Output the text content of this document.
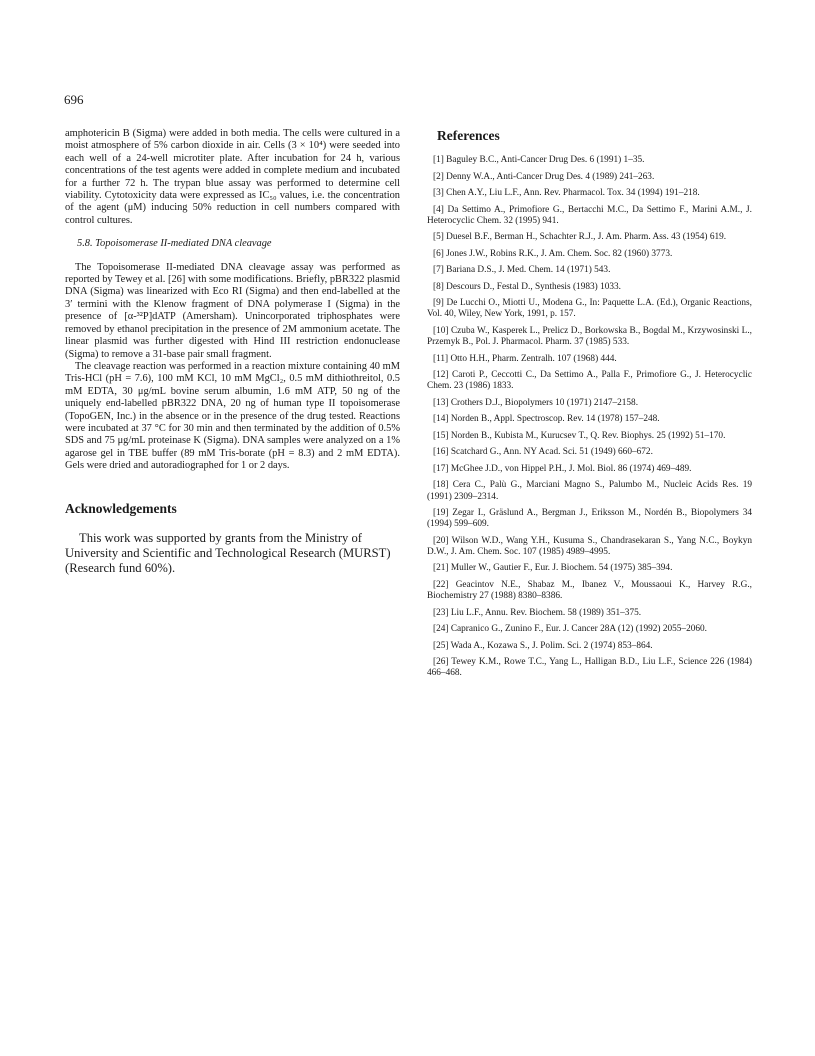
696

amphotericin B (Sigma) were added in both media. The cells were cultured in a moist atmosphere of 5% carbon dioxide in air. Cells (3 × 10⁴) were seeded into each well of a 24-well microtiter plate. After incubation for 24 h, various concentrations of the test agents were added in complete medium and incubated for a further 72 h. The trypan blue assay was performed to determine cell viability. Cytotoxicity data were expressed as IC₅₀ values, i.e. the concentration of the agent (μM) inducing 50% reduction in cell numbers compared with control cultures.

5.8. Topoisomerase II-mediated DNA cleavage

The Topoisomerase II-mediated DNA cleavage assay was performed as reported by Tewey et al. [26] with some modifications. Briefly, pBR322 plasmid DNA (Sigma) was linearized with Eco RI (Sigma) and then end-labelled at the 3′ termini with the Klenow fragment of DNA polymerase I (Sigma) in the presence of [α-³²P]dATP (Amersham). Unincorporated triphosphates were removed by ethanol precipitation in the presence of 2M ammonium acetate. The linear plasmid was further digested with Hind III restriction endonuclease (Sigma) to remove a 31-base pair small fragment.

The cleavage reaction was performed in a reaction mixture containing 40 mM Tris-HCl (pH = 7.6), 100 mM KCl, 10 mM MgCl₂, 0.5 mM dithiothreitol, 0.5 mM EDTA, 30 μg/mL bovine serum albumin, 1.6 mM ATP, 50 ng of the uniquely end-labelled pBR322 DNA, 20 ng of human type II topoisomerase (TopoGEN, Inc.) in the absence or in the presence of the drug tested. Reactions were incubated at 37 °C for 30 min and then terminated by the addition of 0.5% SDS and 75 μg/mL proteinase K (Sigma). DNA samples were analyzed on a 1% agarose gel in TBE buffer (89 mM Tris-borate (pH = 8.3) and 2 mM EDTA). Gels were dried and autoradiographed for 1 or 2 days.

Acknowledgements

This work was supported by grants from the Ministry of University and Scientific and Technological Research (MURST) (Research fund 60%).

References

[1] Baguley B.C., Anti-Cancer Drug Des. 6 (1991) 1–35.

[2] Denny W.A., Anti-Cancer Drug Des. 4 (1989) 241–263.

[3] Chen A.Y., Liu L.F., Ann. Rev. Pharmacol. Tox. 34 (1994) 191–218.

[4] Da Settimo A., Primofiore G., Bertacchi M.C., Da Settimo F., Marini A.M., J. Heterocyclic Chem. 32 (1995) 941.

[5] Duesel B.F., Berman H., Schachter R.J., J. Am. Pharm. Ass. 43 (1954) 619.

[6] Jones J.W., Robins R.K., J. Am. Chem. Soc. 82 (1960) 3773.

[7] Bariana D.S., J. Med. Chem. 14 (1971) 543.

[8] Descours D., Festal D., Synthesis (1983) 1033.

[9] De Lucchi O., Miotti U., Modena G., In: Paquette L.A. (Ed.), Organic Reactions, Vol. 40, Wiley, New York, 1991, p. 157.

[10] Czuba W., Kasperek L., Prelicz D., Borkowska B., Bogdal M., Krzywosinski L., Przemyk B., Pol. J. Pharmacol. Pharm. 37 (1985) 533.

[11] Otto H.H., Pharm. Zentralh. 107 (1968) 444.

[12] Caroti P., Ceccotti C., Da Settimo A., Palla F., Primofiore G., J. Heterocyclic Chem. 23 (1986) 1833.

[13] Crothers D.J., Biopolymers 10 (1971) 2147–2158.

[14] Norden B., Appl. Spectroscop. Rev. 14 (1978) 157–248.

[15] Norden B., Kubista M., Kurucsev T., Q. Rev. Biophys. 25 (1992) 51–170.

[16] Scatchard G., Ann. NY Acad. Sci. 51 (1949) 660–672.

[17] McGhee J.D., von Hippel P.H., J. Mol. Biol. 86 (1974) 469–489.

[18] Cera C., Palù G., Marciani Magno S., Palumbo M., Nucleic Acids Res. 19 (1991) 2309–2314.

[19] Zegar I., Gräslund A., Bergman J., Eriksson M., Nordén B., Biopolymers 34 (1994) 599–609.

[20] Wilson W.D., Wang Y.H., Kusuma S., Chandrasekaran S., Yang N.C., Boykyn D.W., J. Am. Chem. Soc. 107 (1985) 4989–4995.

[21] Muller W., Gautier F., Eur. J. Biochem. 54 (1975) 385–394.

[22] Geacintov N.E., Shabaz M., Ibanez V., Moussaoui K., Harvey R.G., Biochemistry 27 (1988) 8380–8386.

[23] Liu L.F., Annu. Rev. Biochem. 58 (1989) 351–375.

[24] Capranico G., Zunino F., Eur. J. Cancer 28A (12) (1992) 2055–2060.

[25] Wada A., Kozawa S., J. Polim. Sci. 2 (1974) 853–864.

[26] Tewey K.M., Rowe T.C., Yang L., Halligan B.D., Liu L.F., Science 226 (1984) 466–468.
